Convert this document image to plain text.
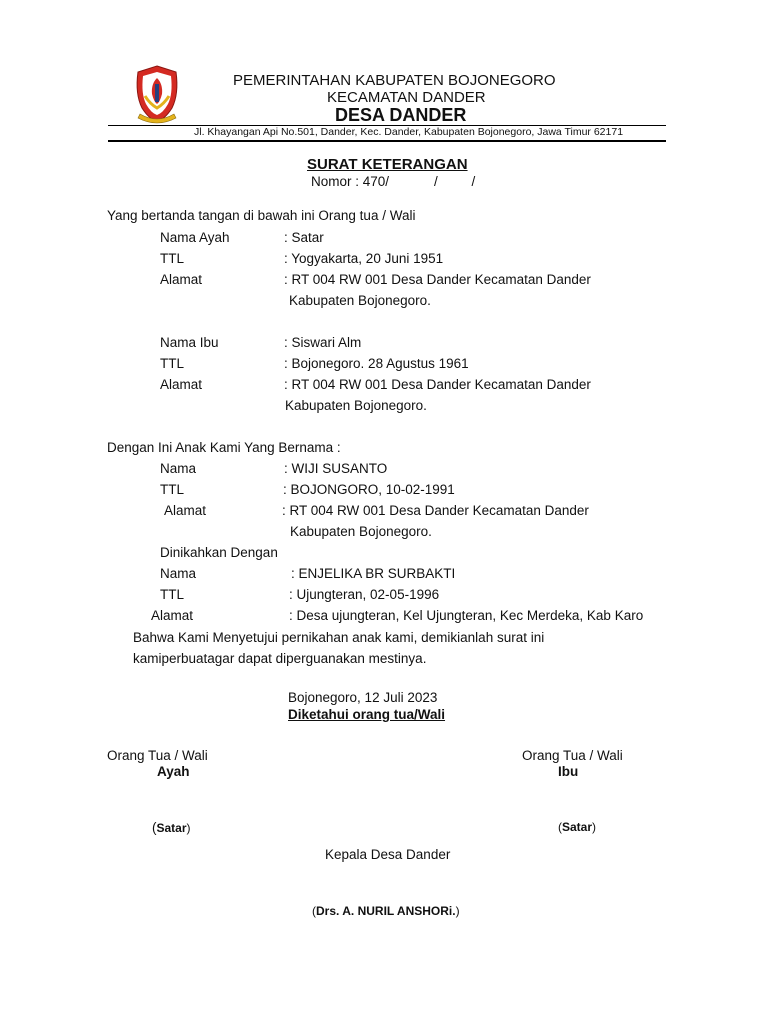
PEMERINTAHAN KABUPATEN BOJONEGORO
KECAMATAN DANDER
DESA DANDER
Jl. Khayangan Api No.501, Dander, Kec. Dander, Kabupaten Bojonegoro, Jawa Timur 62171
SURAT KETERANGAN
Nomor : 470/            /         /
Yang bertanda tangan di bawah ini Orang tua / Wali
Nama Ayah	: Satar
TTL	: Yogyakarta, 20 Juni 1951
Alamat	: RT 004 RW 001 Desa Dander Kecamatan Dander
Kabupaten Bojonegoro.
Nama Ibu	: Siswari Alm
TTL	: Bojonegoro. 28 Agustus 1961
Alamat	: RT 004 RW 001 Desa Dander Kecamatan Dander
Kabupaten Bojonegoro.
Dengan Ini Anak Kami Yang Bernama :
Nama	: WIJI SUSANTO
TTL	: BOJONGORO, 10-02-1991
Alamat	: RT 004 RW 001 Desa Dander Kecamatan Dander
Kabupaten Bojonegoro.
Dinikahkan Dengan
Nama	: ENJELIKA BR SURBAKTI
TTL	: Ujungteran, 02-05-1996
Alamat	: Desa ujungteran, Kel Ujungteran, Kec Merdeka, Kab Karo
Bahwa Kami Menyetujui pernikahan anak kami, demikianlah surat ini
kamiperbuatagar dapat diperguanakan mestinya.
Bojonegoro, 12 Juli 2023
Diketahui orang tua/Wali
Orang Tua / Wali
Ayah
Orang Tua / Wali
Ibu
(Satar)	(Satar)
Kepala Desa Dander
(Drs. A. NURIL ANSHORi.)
